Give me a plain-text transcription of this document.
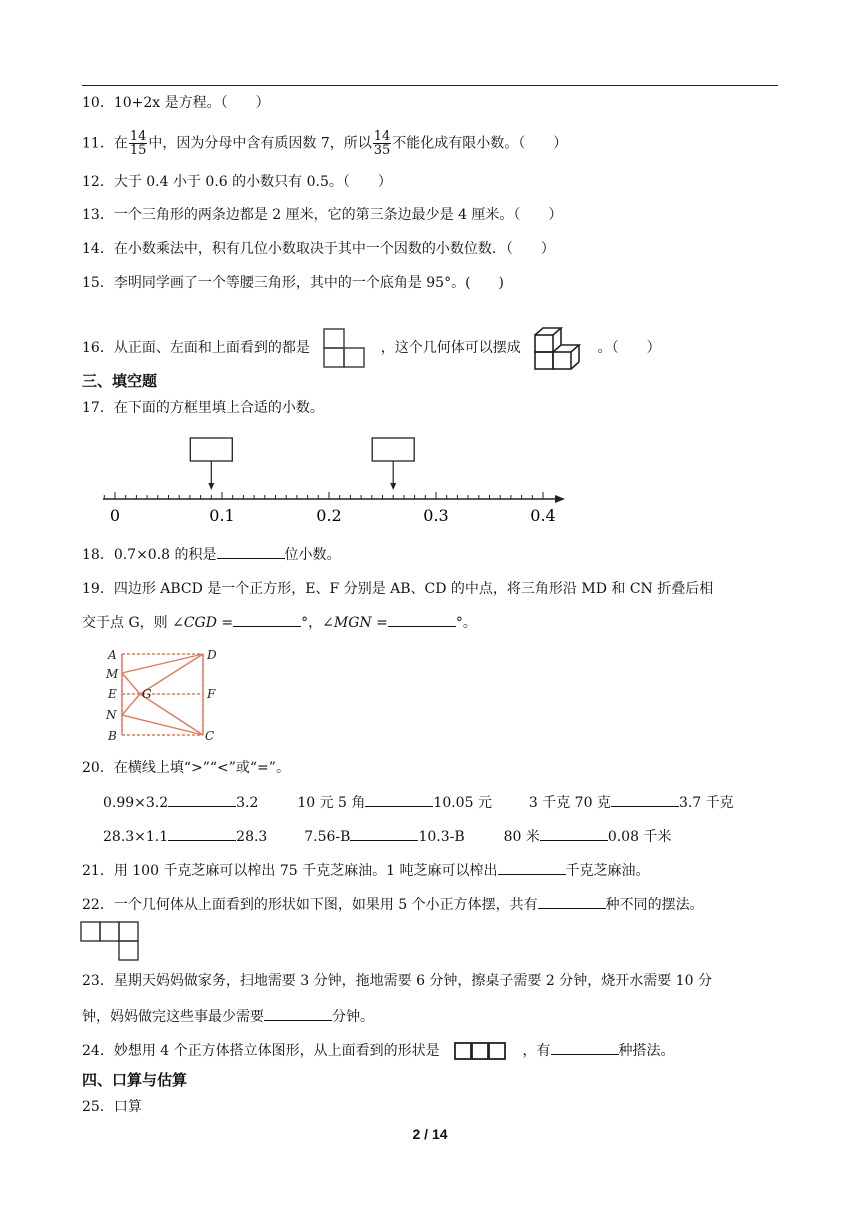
10．10+2x 是方程。（　　）
11．在 $\frac{14}{15}$ 中，因为分母中含有质因数 7，所以 $\frac{14}{35}$ 不能化成有限小数。（　　）
12．大于 0.4 小于 0.6 的小数只有 0.5。（　　）
13．一个三角形的两条边都是 2 厘米，它的第三条边最少是 4 厘米。（　　）
14．在小数乘法中，积有几位小数取决于其中一个因数的小数位数．（　　）
15．李明同学画了一个等腰三角形，其中的一个底角是 95°。(　　)
16．从正面、左面和上面看到的都是	，这个几何体可以摆成	。（　　）
三、填空题
17．在下面的方框里填上合适的小数。
0	0.1	0.2	0.3	0.4
18．0.7×0.8 的积是	位小数。
19．四边形 ABCD 是一个正方形，E、F 分别是 AB、CD 的中点，将三角形沿 MD 和 CN 折叠后相
交于点 G，则 ∠CGD =	°，∠MGN =	°。
A	D
M
E G	F
N
B	C
20．在横线上填“>”“<”或“=”。
0.99×3.2	3.2	10 元 5 角	10.05 元	3 千克 70 克	3.7 千克
28.3×1.1	28.3	7.56-B	10.3-B	80 米	0.08 千米
21．用 100 千克芝麻可以榨出 75 千克芝麻油。1 吨芝麻可以榨出	千克芝麻油。
22．一个几何体从上面看到的形状如下图，如果用 5 个小正方体摆，共有	种不同的摆法。
23．星期天妈妈做家务，扫地需要 3 分钟，拖地需要 6 分钟，擦桌子需要 2 分钟，烧开水需要 10 分
钟，妈妈做完这些事最少需要	分钟。
24．妙想用 4 个正方体搭立体图形，从上面看到的形状是	，有	种搭法。
四、口算与估算
25．口算
2 / 14
